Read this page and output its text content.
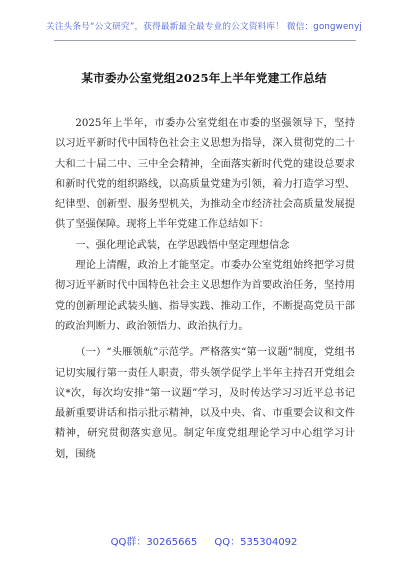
关注头条号“公文研究”，获得最新最全最专业的公文资料库！ 微信：gongwenyj
某市委办公室党组2025年上半年党建工作总结

2025年上半年，市委办公室党组在市委的坚强领导下，坚持以习近平新时代中国特色社会主义思想为指导，深入贯彻党的二十大和二十届二中、三中全会精神，全面落实新时代党的建设总要求和新时代党的组织路线，以高质量党建为引领，着力打造学习型、纪律型、创新型、服务型机关，为推动全市经济社会高质量发展提供了坚强保障。现将上半年党建工作总结如下：

一、强化理论武装，在学思践悟中坚定理想信念

理论上清醒，政治上才能坚定。市委办公室党组始终把学习贯彻习近平新时代中国特色社会主义思想作为首要政治任务，坚持用党的创新理论武装头脑、指导实践、推动工作，不断提高党员干部的政治判断力、政治领悟力、政治执行力。

（一）“头雁领航”示范学。严格落实“第一议题”制度，党组书记切实履行第一责任人职责，带头领学促学上半年主持召开党组会议*次，每次均安排“第一议题”学习，及时传达学习习近平总书记最新重要讲话和指示批示精神，以及中央、省、市重要会议和文件精神，研究贯彻落实意见。制定年度党组理论学习中心组学习计划，围绕

QQ群：30265665 QQ：535304092
